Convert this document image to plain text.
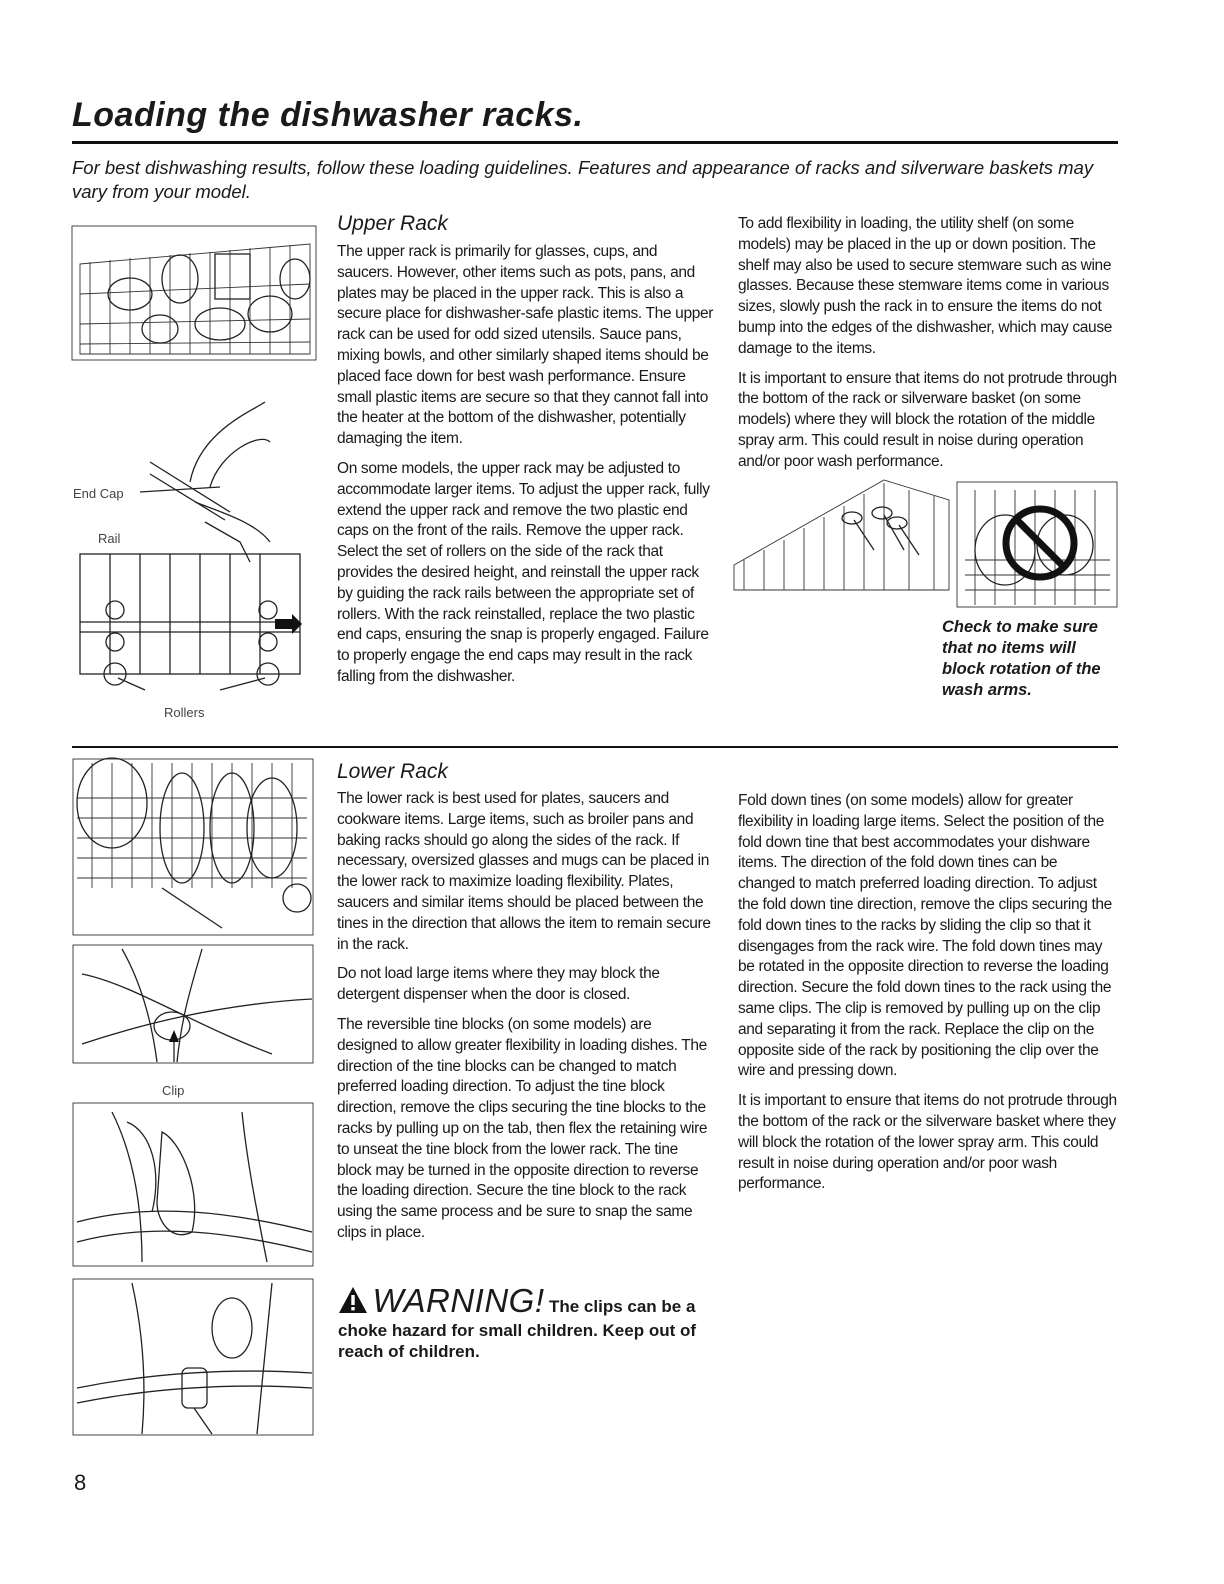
Loading the dishwasher racks.

For best dishwashing results, follow these loading guidelines. Features and appearance of racks and silverware baskets may vary from your model.

End Cap
Rail
Rollers
Upper Rack

The upper rack is primarily for glasses, cups, and saucers. However, other items such as pots, pans, and plates may be placed in the upper rack. This is also a secure place for dishwasher-safe plastic items. The upper rack can be used for odd sized utensils. Sauce pans, mixing bowls, and other similarly shaped items should be placed face down for best wash performance. Ensure small plastic items are secure so that they cannot fall into the heater at the bottom of the dishwasher, potentially damaging the item.

On some models, the upper rack may be adjusted to accommodate larger items. To adjust the upper rack, fully extend the upper rack and remove the two plastic end caps on the front of the rails. Remove the upper rack. Select the set of rollers on the side of the rack that provides the desired height, and reinstall the upper rack by guiding the rack rails between the appropriate set of rollers. With the rack reinstalled, replace the two plastic end caps, ensuring the snap is properly engaged. Failure to properly engage the end caps may result in the rack falling from the dishwasher.

To add flexibility in loading, the utility shelf (on some models) may be placed in the up or down position. The shelf may also be used to secure stemware such as wine glasses. Because these stemware items come in various sizes, slowly push the rack in to ensure the items do not bump into the edges of the dishwasher, which may cause damage to the items.

It is important to ensure that items do not protrude through the bottom of the rack or silverware basket (on some models) where they will block the rotation of the middle spray arm. This could result in noise during operation and/or poor wash performance.

Check to make sure that no items will block rotation of the wash arms.

Clip
Lower Rack

The lower rack is best used for plates, saucers and cookware items. Large items, such as broiler pans and baking racks should go along the sides of the rack. If necessary, oversized glasses and mugs can be placed in the lower rack to maximize loading flexibility. Plates, saucers and similar items should be placed between the tines in the direction that allows the item to remain secure in the rack.

Do not load large items where they may block the detergent dispenser when the door is closed.

The reversible tine blocks (on some models) are designed to allow greater flexibility in loading dishes. The direction of the tine blocks can be changed to match preferred loading direction. To adjust the tine block direction, remove the clips securing the tine blocks to the racks by pulling up on the tab, then flex the retaining wire to unseat the tine block from the lower rack. The tine block may be turned in the opposite direction to reverse the loading direction. Secure the tine block to the rack using the same process and be sure to snap the same clips in place.

Fold down tines (on some models) allow for greater flexibility in loading large items. Select the position of the fold down tine that best accommodates your dishware items. The direction of the fold down tines can be changed to match preferred loading direction. To adjust the fold down tine direction, remove the clips securing the fold down tines to the racks by sliding the clip so that it disengages from the rack wire. The fold down tines may be rotated in the opposite direction to reverse the loading direction. Secure the fold down tines to the rack using the same clips. The clip is removed by pulling up on the clip and separating it from the rack. Replace the clip on the opposite side of the rack by positioning the clip over the wire and pressing down.

It is important to ensure that items do not protrude through the bottom of the rack or the silverware basket where they will block the rotation of the lower spray arm. This could result in noise during operation and/or poor wash performance.

WARNING! The clips can be a
choke hazard for small children. Keep out of reach of children.
8
